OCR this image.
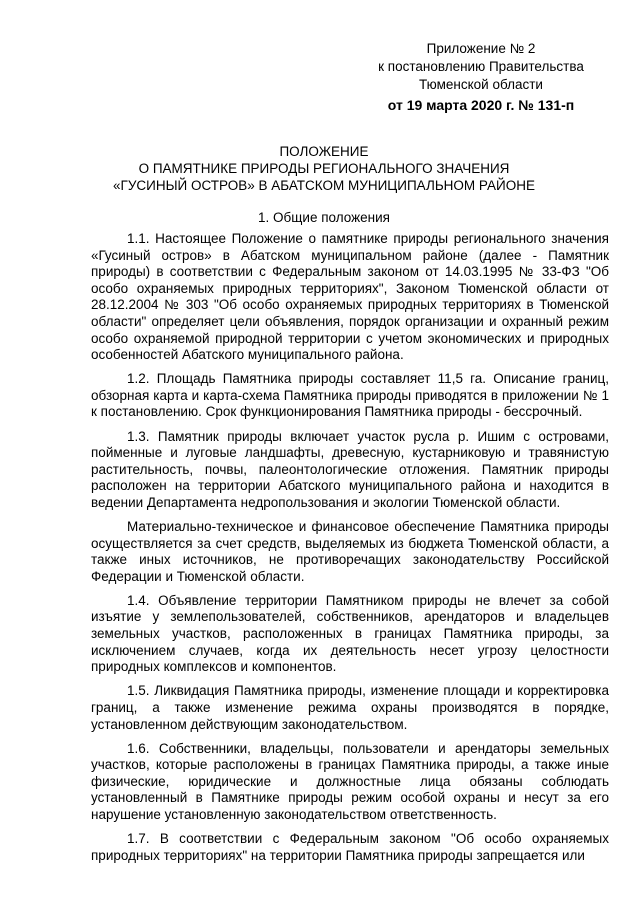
Приложение № 2
к постановлению Правительства
Тюменской области
от 19 марта 2020 г. № 131-п
ПОЛОЖЕНИЕ
О ПАМЯТНИКЕ ПРИРОДЫ РЕГИОНАЛЬНОГО ЗНАЧЕНИЯ
«ГУСИНЫЙ ОСТРОВ» В АБАТСКОМ МУНИЦИПАЛЬНОМ РАЙОНЕ
1. Общие положения

1.1. Настоящее Положение о памятнике природы регионального значения «Гусиный остров» в Абатском муниципальном районе (далее - Памятник природы) в соответствии с Федеральным законом от 14.03.1995 № 33-ФЗ "Об особо охраняемых природных территориях", Законом Тюменской области от 28.12.2004 № 303 "Об особо охраняемых природных территориях в Тюменской области" определяет цели объявления, порядок организации и охранный режим особо охраняемой природной территории с учетом экономических и природных особенностей Абатского муниципального района.

1.2. Площадь Памятника природы составляет 11,5 га. Описание границ, обзорная карта и карта-схема Памятника природы приводятся в приложении № 1 к постановлению. Срок функционирования Памятника природы - бессрочный.

1.3. Памятник природы включает участок русла р. Ишим с островами, пойменные и луговые ландшафты, древесную, кустарниковую и травянистую растительность, почвы, палеонтологические отложения. Памятник природы расположен на территории Абатского муниципального района и находится в ведении Департамента недропользования и экологии Тюменской области.

Материально-техническое и финансовое обеспечение Памятника природы осуществляется за счет средств, выделяемых из бюджета Тюменской области, а также иных источников, не противоречащих законодательству Российской Федерации и Тюменской области.

1.4. Объявление территории Памятником природы не влечет за собой изъятие у землепользователей, собственников, арендаторов и владельцев земельных участков, расположенных в границах Памятника природы, за исключением случаев, когда их деятельность несет угрозу целостности природных комплексов и компонентов.

1.5. Ликвидация Памятника природы, изменение площади и корректировка границ, а также изменение режима охраны производятся в порядке, установленном действующим законодательством.

1.6. Собственники, владельцы, пользователи и арендаторы земельных участков, которые расположены в границах Памятника природы, а также иные физические, юридические и должностные лица обязаны соблюдать установленный в Памятнике природы режим особой охраны и несут за его нарушение установленную законодательством ответственность.

1.7. В соответствии с Федеральным законом "Об особо охраняемых природных территориях" на территории Памятника природы запрещается или
